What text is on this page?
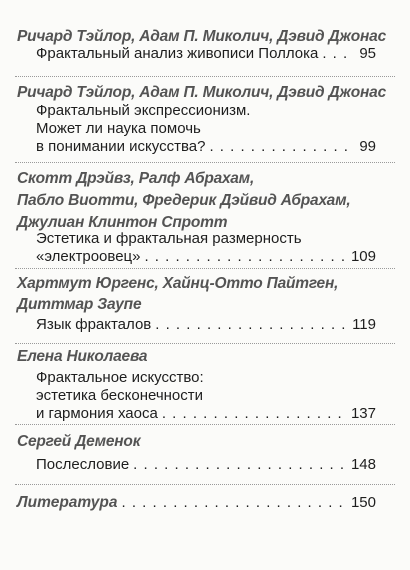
Ричард Тэйлор, Адам П. Миколич, Дэвид Джонас
Фрактальный анализ живописи Поллока . . .	95
Ричард Тэйлор, Адам П. Миколич, Дэвид Джонас
Фрактальный экспрессионизм.
Может ли наука помочь
в понимании искусства? . . .	99
Скотт Дрэйвз, Ралф Абрахам,
Пабло Виотти, Фредерик Дэйвид Абрахам,
Джулиан Клинтон Спротт
Эстетика и фрактальная размерность
«электроовец» . . .	109
Хартмут Юргенс, Хайнц-Отто Пайтген,
Диттмар Заупе
Язык фракталов . . .	119
Елена Николаева
Фрактальное искусство:
эстетика бесконечности
и гармония хаоса . . .	137
Сергей Деменок
Послесловие . . .	148
Литература . . .	150
